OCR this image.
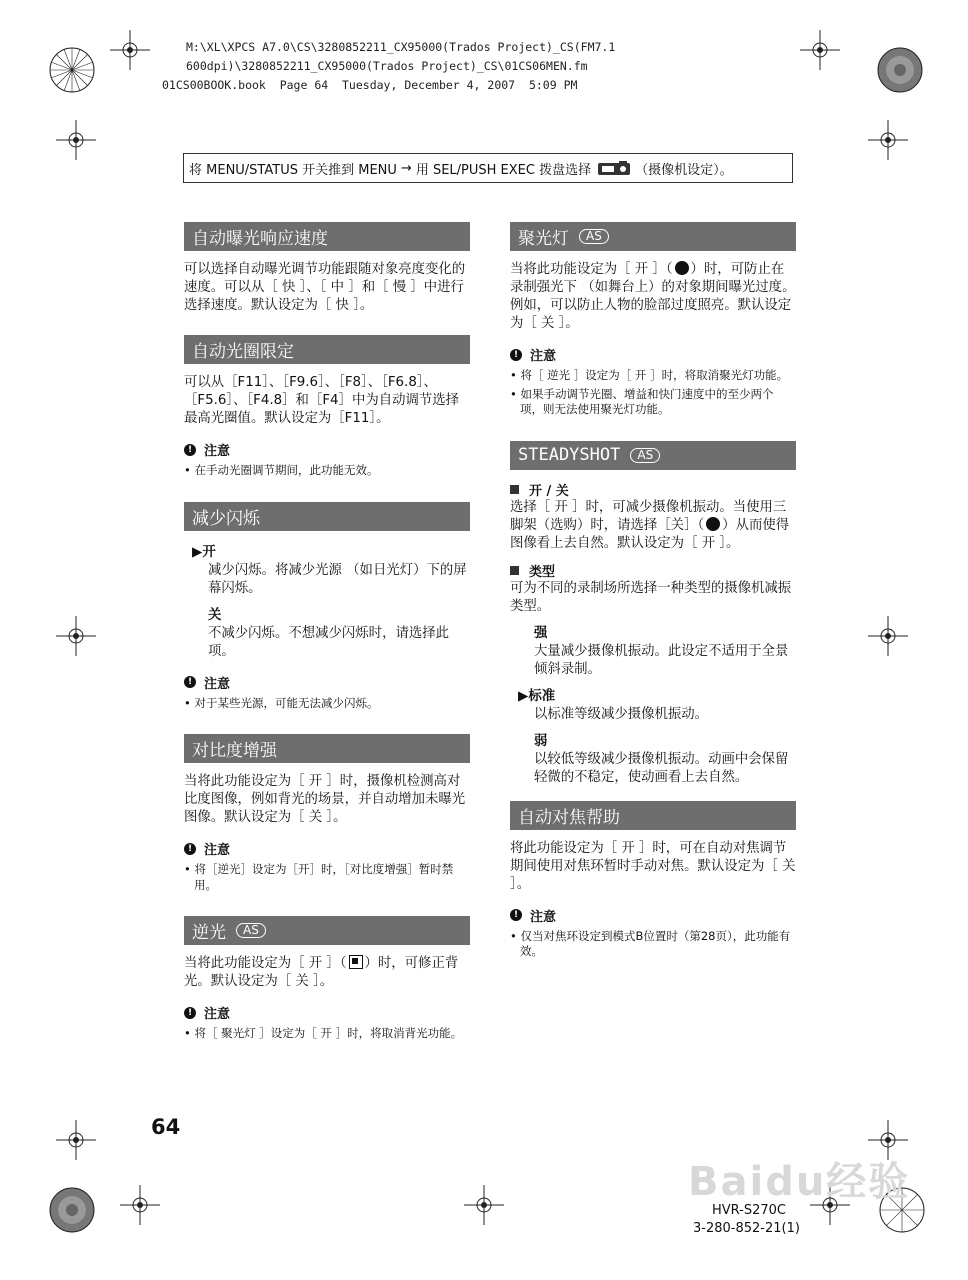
M:\XL\XPCS A7.0\CS\3280852211_CX95000(Trados Project)_CS(FM7.1
600dpi)\3280852211_CX95000(Trados Project)_CS\01CS06MEN.fm
01CS00BOOK.book  Page 64  Tuesday, December 4, 2007  5:09 PM
将 MENU/STATUS 开关推到 MENU → 用 SEL/PUSH EXEC 拨盘选择	（摄像机设定）。
自动曝光响应速度

可以选择自动曝光调节功能跟随对象亮度变化的速度。可以从［ 快 ］、［ 中 ］和［ 慢 ］中进行选择速度。默认设定为［ 快 ］。

自动光圈限定

可以从［F11］、［F9.6］、［F8］、［F6.8］、［F5.6］、［F4.8］和［F4］中为自动调节选择最高光圈值。默认设定为［F11］。

! 注意

• 在手动光圈调节期间，此功能无效。

减少闪烁
▶开

减少闪烁。将减少光源 （如日光灯）下的屏幕闪烁。

关

不减少闪烁。不想减少闪烁时，请选择此项。

! 注意

• 对于某些光源，可能无法减少闪烁。

对比度增强

当将此功能设定为［ 开 ］时，摄像机检测高对比度图像，例如背光的场景，并自动增加未曝光图像。默认设定为［ 关 ］。

! 注意

• 将［逆光］设定为［开］时，［对比度增强］暂时禁用。

逆光	AS

当将此功能设定为［ 开 ］（ ）时，可修正背光。默认设定为［ 关 ］。

! 注意

• 将［ 聚光灯 ］设定为［ 开 ］时，将取消背光功能。

聚光灯	AS

当将此功能设定为［ 开 ］（ ）时，可防止在录制强光下 （如舞台上）的对象期间曝光过度。例如，可以防止人物的脸部过度照亮。默认设定为［ 关 ］。

! 注意

• 将［ 逆光 ］设定为［ 开 ］时，将取消聚光灯功能。

• 如果手动调节光圈、增益和快门速度中的至少两个项，则无法使用聚光灯功能。

STEADYSHOT	AS
开 / 关

选择［ 开 ］时，可减少摄像机振动。当使用三脚架（选购）时，请选择［关］（ ）从而使得图像看上去自然。默认设定为［ 开 ］。

类型

可为不同的录制场所选择一种类型的摄像机减振类型。

强

大量减少摄像机振动。此设定不适用于全景倾斜录制。

▶标准

以标准等级减少摄像机振动。

弱

以较低等级减少摄像机振动。动画中会保留轻微的不稳定，使动画看上去自然。

自动对焦帮助

将此功能设定为［ 开 ］时，可在自动对焦调节期间使用对焦环暂时手动对焦。默认设定为［ 关 ］。

! 注意

• 仅当对焦环设定到模式B位置时（第28页），此功能有效。

64
Baidu经验
HVR-S270C
3-280-852-21(1)
